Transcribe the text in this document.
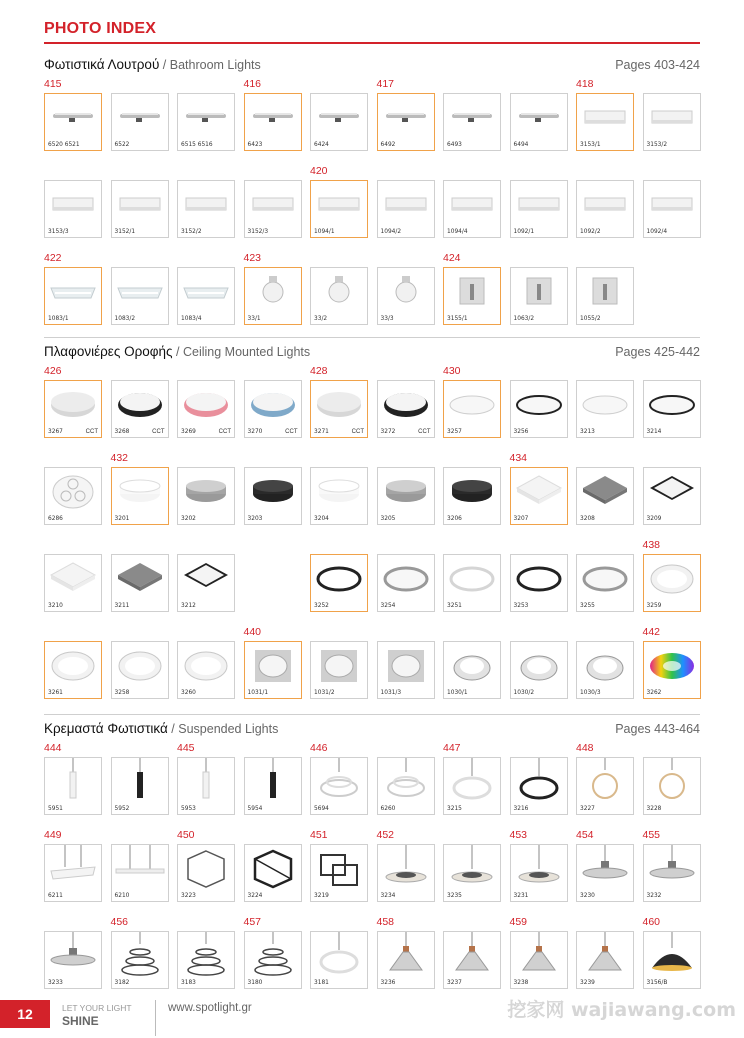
PHOTO INDEX
Φωτιστικά Λουτρού / Bathroom Lights	Pages 403-424
Πλαφονιέρες Οροφής / Ceiling Mounted Lights	Pages 425-442
Κρεμαστά Φωτιστικά / Suspended Lights	Pages 443-464
415	416	417	418
6520 6521	6522	6515 6516	6423	6424	6492	6493	6494	3153/1	3153/2
420
3153/3	3152/1	3152/2	3152/3	1094/1	1094/2	1094/4	1092/1	1092/2	1092/4
422	423	424
1083/1	1083/2	1083/4	33/1	33/2	33/3	3155/1	1063/2	1055/2
426	428	430
3267	CCT	3268	CCT	3269	CCT	3270	CCT	3271	CCT	3272	CCT	3257	3256	3213	3214
432	434
6286	3201	3202	3203	3204	3205	3206	3207	3208	3209
438
3210	3211	3212	3252	3254	3251	3253	3255	3259
440	442
3261	3258	3260	1031/1	1031/2	1031/3	1030/1	1030/2	1030/3	3262
444	445	446	447	448
5951	5952	5953	5954	5694	6260	3215	3216	3227	3228
449	450	451	452	453	454	455
6211	6210	3223	3224	3219	3234	3235	3231	3230	3232
456	457	458	459	460
3233	3182	3183	3180	3181	3236	3237	3238	3239	3156/B
12	LET YOUR LIGHT
SHINE
www.spotlight.gr	挖家网 wajiawang.com
